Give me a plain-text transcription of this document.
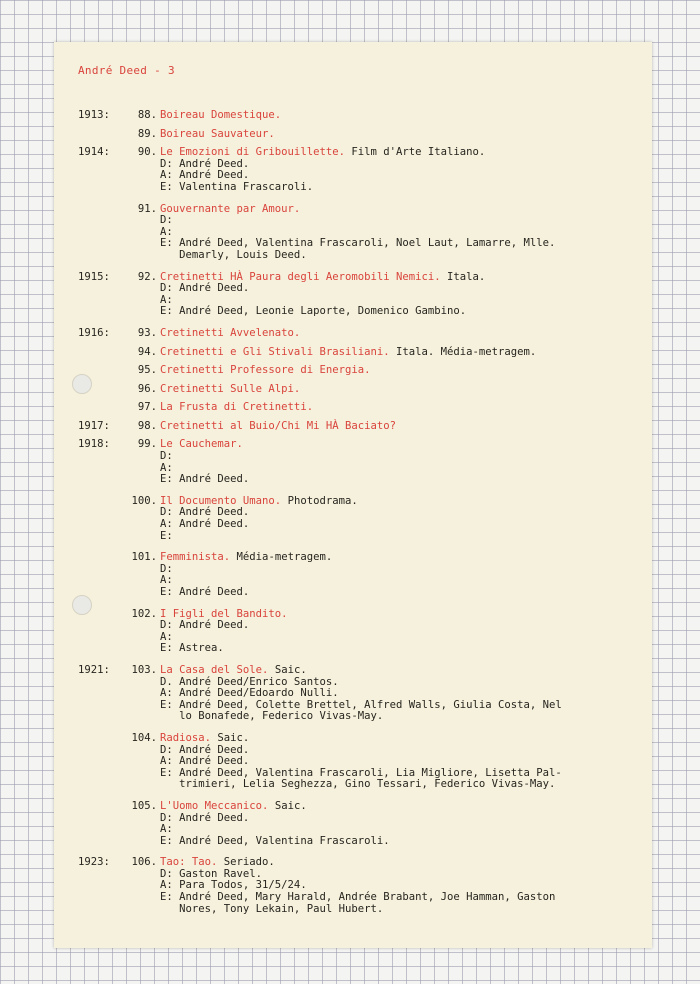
André Deed - 3
1913:	88. Boireau Domestique.
89. Boireau Sauvateur.
1914:	90. Le Emozioni di Gribouillette. Film d'Arte Italiano.
D: André Deed.
A: André Deed.
E: Valentina Frascaroli.
91. Gouvernante par Amour.
D:
A:
E: André Deed, Valentina Frascaroli, Noel Laut, Lamarre, Mlle.
Demarly, Louis Deed.
1915:	92. Cretinetti HÀ Paura degli Aeromobili Nemici. Itala.
D: André Deed.
A:
E: André Deed, Leonie Laporte, Domenico Gambino.
1916:	93. Cretinetti Avvelenato.
94. Cretinetti e Gli Stivali Brasiliani. Itala. Média-metragem.
95. Cretinetti Professore di Energia.
96. Cretinetti Sulle Alpi.
97. La Frusta di Cretinetti.
1917:	98. Cretinetti al Buio/Chi Mi HÀ Baciato?
1918:	99. Le Cauchemar.
D:
A:
E: André Deed.
100. Il Documento Umano. Photodrama.
D: André Deed.
A: André Deed.
E:
101. Femminista. Média-metragem.
D:
A:
E: André Deed.
102. I Figli del Bandito.
D: André Deed.
A:
E: Astrea.
1921:	103. La Casa del Sole. Saic.
D. André Deed/Enrico Santos.
A: André Deed/Edoardo Nulli.
E: André Deed, Colette Brettel, Alfred Walls, Giulia Costa, Nel
lo Bonafede, Federico Vivas-May.
104. Radiosa. Saic.
D: André Deed.
A: André Deed.
E: André Deed, Valentina Frascaroli, Lia Migliore, Lisetta Pal-
trimieri, Lelia Seghezza, Gino Tessari, Federico Vivas-May.
105. L'Uomo Meccanico. Saic.
D: André Deed.
A:
E: André Deed, Valentina Frascaroli.
1923:	106. Tao: Tao. Seriado.
D: Gaston Ravel.
A: Para Todos, 31/5/24.
E: André Deed, Mary Harald, Andrée Brabant, Joe Hamman, Gaston
Nores, Tony Lekain, Paul Hubert.
